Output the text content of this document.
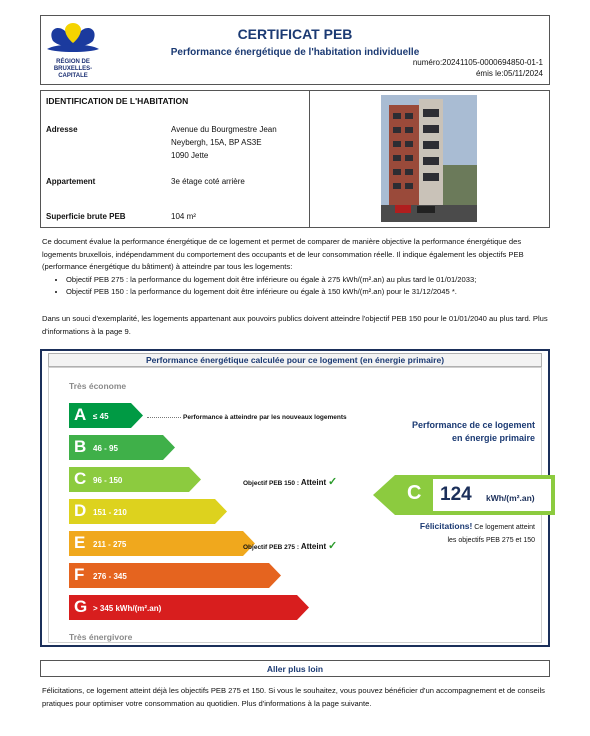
RÉGION DE BRUXELLES-CAPITALE
CERTIFICAT PEB
Performance énergétique de l'habitation individuelle
numéro:20241105-0000694850-01-1
émis le:05/11/2024
IDENTIFICATION DE L'HABITATION
Adresse	Avenue du Bourgmestre Jean Neybergh, 15A, BP AS3E
1090 Jette
Appartement	3e étage coté arrière
Superficie brute PEB	104 m²
Ce document évalue la performance énergétique de ce logement et permet de comparer de manière objective la performance énergétique des logements bruxellois, indépendamment du comportement des occupants et de leur consommation réelle. Il indique également les objectifs PEB (performance énergétique du bâtiment) à atteindre par tous les logements:
• Objectif PEB 275 : la performance du logement doit être inférieure ou égale à 275 kWh/(m².an) au plus tard le 01/01/2033;
• Objectif PEB 150 : la performance du logement doit être inférieure ou égale à 150 kWh/(m².an) pour le 31/12/2045 *.
Dans un souci d'exemplarité, les logements appartenant aux pouvoirs publics doivent atteindre l'objectif PEB 150 pour le 01/01/2040 au plus tard. Plus d'informations à la page 9.
Performance énergétique calculée pour ce logement (en énergie primaire)
Très économe
Très énergivore
A ≤ 45
B 46 - 95
C 96 - 150
D 151 - 210
E 211 - 275
F 276 - 345
G > 345 kWh/(m².an)
Performance à atteindre par les nouveaux logements
Objectif PEB 150 : Atteint ✓
Objectif PEB 275 : Atteint ✓
Performance de ce logement
en énergie primaire
C 124 kWh/(m².an)
Félicitations! Ce logement atteint
les objectifs PEB 275 et 150
Aller plus loin
Félicitations, ce logement atteint déjà les objectifs PEB 275 et 150. Si vous le souhaitez, vous pouvez bénéficier d'un accompagnement et de conseils pratiques pour optimiser votre consommation au quotidien. Plus d'informations à la page suivante.
